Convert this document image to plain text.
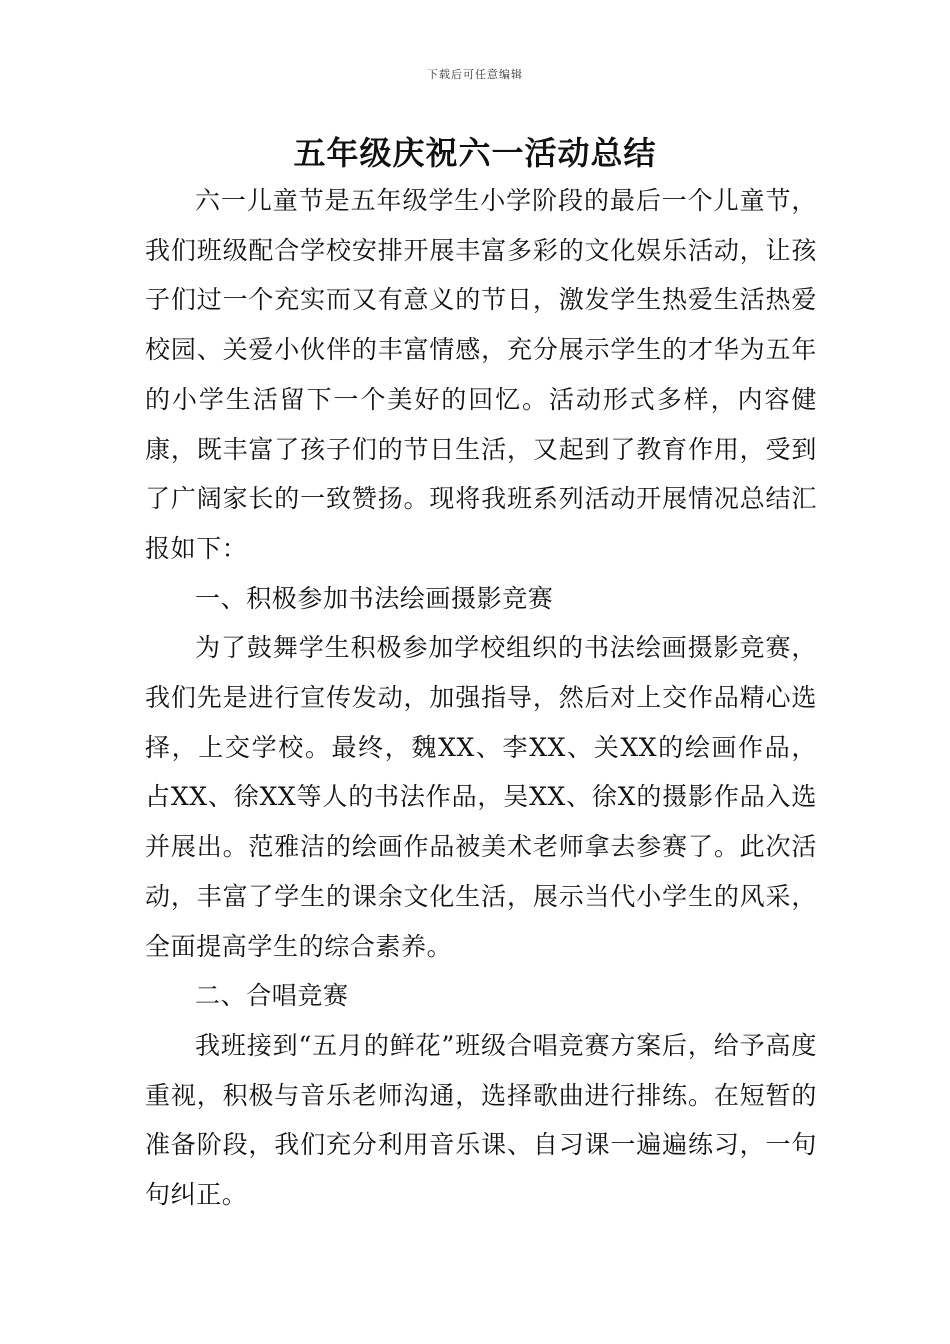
下载后可任意编辑
五年级庆祝六一活动总结

六一儿童节是五年级学生小学阶段的最后一个儿童节，我们班级配合学校安排开展丰富多彩的文化娱乐活动，让孩子们过一个充实而又有意义的节日，激发学生热爱生活热爱校园、关爱小伙伴的丰富情感，充分展示学生的才华为五年的小学生活留下一个美好的回忆。活动形式多样，内容健康，既丰富了孩子们的节日生活，又起到了教育作用，受到了广阔家长的一致赞扬。现将我班系列活动开展情况总结汇报如下：

一、积极参加书法绘画摄影竞赛

为了鼓舞学生积极参加学校组织的书法绘画摄影竞赛，我们先是进行宣传发动，加强指导，然后对上交作品精心选择，上交学校。最终，魏XX、李XX、关XX的绘画作品，占XX、徐XX等人的书法作品，吴XX、徐X的摄影作品入选并展出。范雅洁的绘画作品被美术老师拿去参赛了。此次活动，丰富了学生的课余文化生活，展示当代小学生的风采，全面提高学生的综合素养。

二、合唱竞赛

我班接到“五月的鲜花”班级合唱竞赛方案后，给予高度重视，积极与音乐老师沟通，选择歌曲进行排练。在短暂的准备阶段，我们充分利用音乐课、自习课一遍遍练习，一句句纠正。
